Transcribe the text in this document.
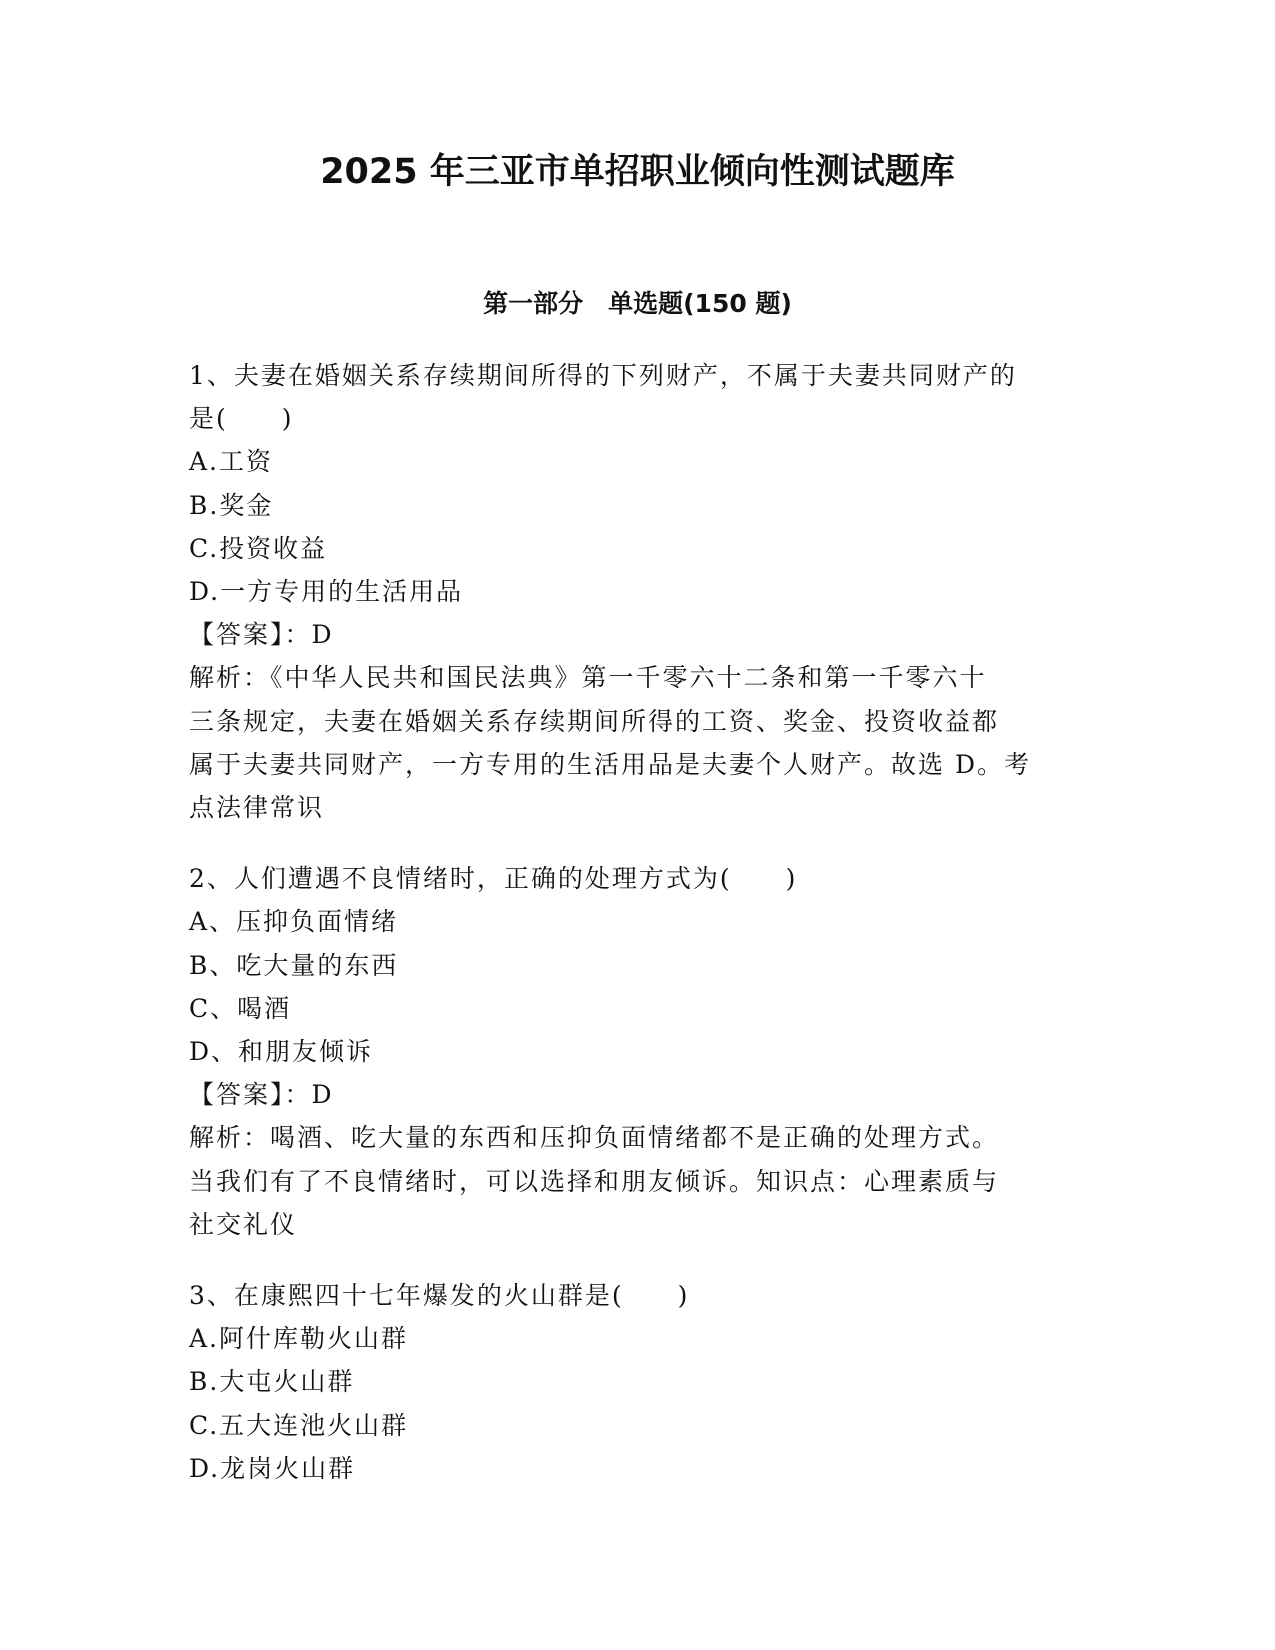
2025 年三亚市单招职业倾向性测试题库
第一部分　单选题(150 题)
1、夫妻在婚姻关系存续期间所得的下列财产，不属于夫妻共同财产的
是(　　)
A.工资
B.奖金
C.投资收益
D.一方专用的生活用品
【答案】：D
解析：《中华人民共和国民法典》第一千零六十二条和第一千零六十
三条规定，夫妻在婚姻关系存续期间所得的工资、奖金、投资收益都
属于夫妻共同财产，一方专用的生活用品是夫妻个人财产。故选 D。考
点法律常识
2、人们遭遇不良情绪时，正确的处理方式为(　　)
A、压抑负面情绪
B、吃大量的东西
C、喝酒
D、和朋友倾诉
【答案】：D
解析：喝酒、吃大量的东西和压抑负面情绪都不是正确的处理方式。
当我们有了不良情绪时，可以选择和朋友倾诉。知识点：心理素质与
社交礼仪
3、在康熙四十七年爆发的火山群是(　　)
A.阿什库勒火山群
B.大屯火山群
C.五大连池火山群
D.龙岗火山群
